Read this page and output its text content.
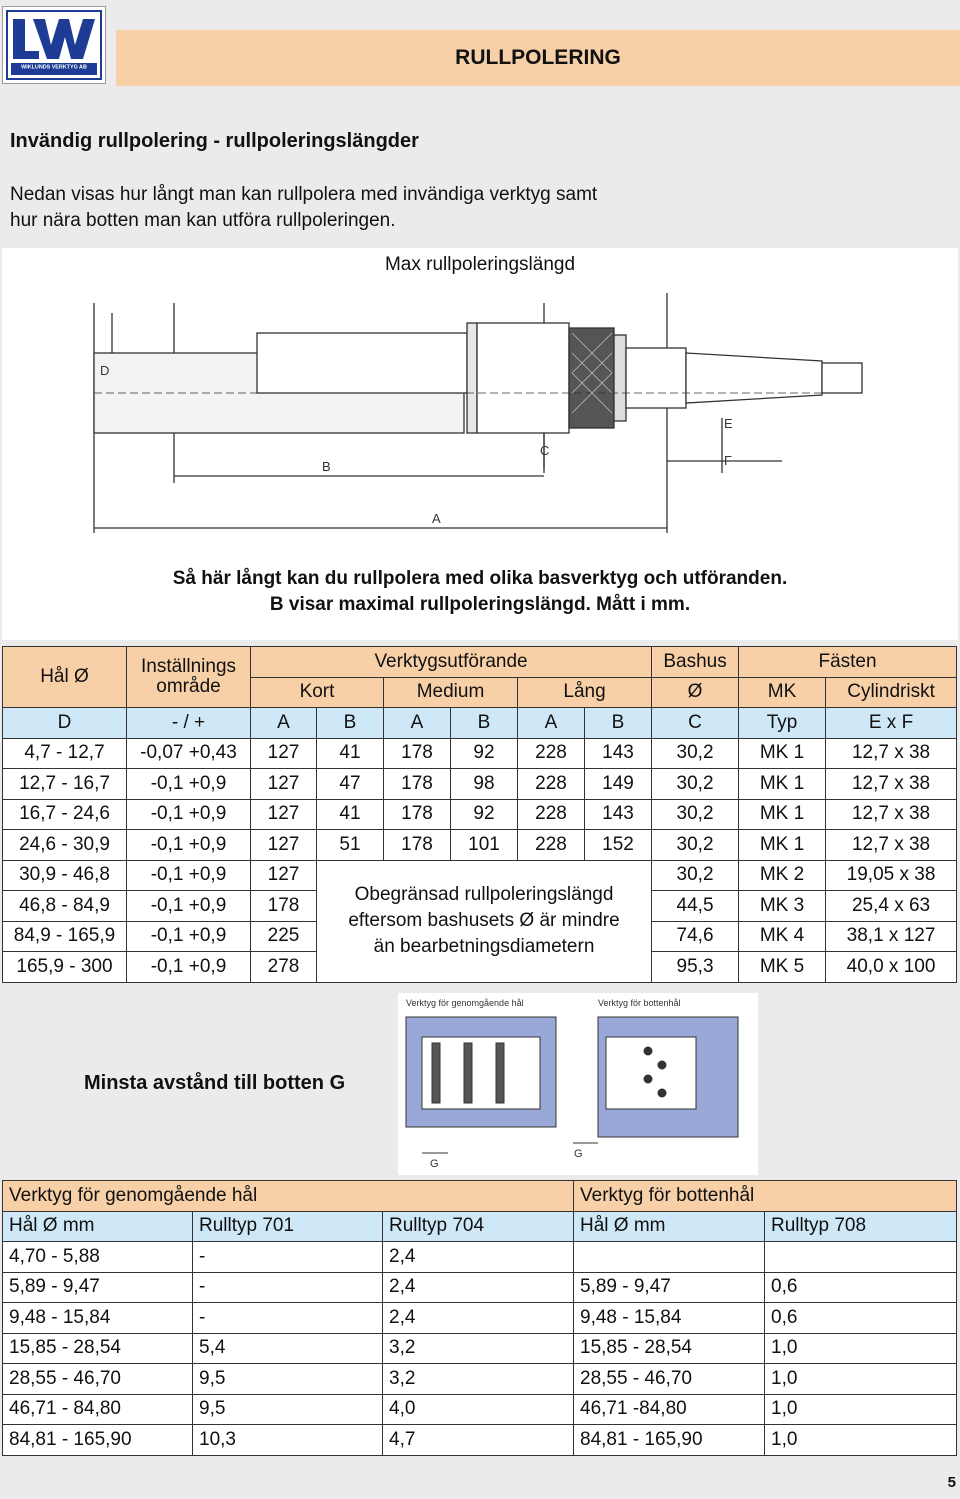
WIKLUNDS VERKTYG AB	RULLPOLERING
Invändig rullpolering - rullpoleringslängder
Nedan visas hur långt man kan rullpolera med invändiga verktyg samt
hur nära botten man kan utföra rullpoleringen.
Max rullpoleringslängd
D
B
C
E
F
A
Så här långt kan du rullpolera med olika basverktyg och utföranden.
B visar maximal rullpoleringslängd. Mått i mm.
Hål Ø	Inställnings
område	Verktygsutförande						Bashus	Fästen	
		Kort		Medium		Lång		Ø	MK	Cylindriskt
D	- / +	A	B	A	B	A	B	C	Typ	E x F
4,7 - 12,7	-0,07 +0,43	127	41	178	92	228	143	30,2	MK 1	12,7 x 38
12,7 - 16,7	-0,1 +0,9	127	47	178	98	228	149	30,2	MK 1	12,7 x 38
16,7 - 24,6	-0,1 +0,9	127	41	178	92	228	143	30,2	MK 1	12,7 x 38
24,6 - 30,9	-0,1 +0,9	127	51	178	101	228	152	30,2	MK 1	12,7 x 38
30,9 - 46,8	-0,1 +0,9	127	Obegränsad rullpoleringslängd
eftersom bashusets Ø är mindre
än bearbetningsdiametern					30,2	MK 2	19,05 x 38
46,8 - 84,9	-0,1 +0,9	178						44,5	MK 3	25,4 x 63
84,9 - 165,9	-0,1 +0,9	225						74,6	MK 4	38,1 x 127
165,9 - 300	-0,1 +0,9	278						95,3	MK 5	40,0 x 100
Minsta avstånd till botten G
Verktyg för genomgående hål	Verktyg för bottenhål
G
G
Verktyg för genomgående hål			Verktyg för bottenhål	
Hål Ø mm	Rulltyp 701	Rulltyp 704	Hål Ø mm	Rulltyp 708
4,70 - 5,88	-	2,4		
5,89 - 9,47	-	2,4	5,89 - 9,47	0,6
9,48 - 15,84	-	2,4	9,48 - 15,84	0,6
15,85 - 28,54	5,4	3,2	15,85 - 28,54	1,0
28,55 - 46,70	9,5	3,2	28,55 - 46,70	1,0
46,71 - 84,80	9,5	4,0	46,71 -84,80	1,0
84,81 - 165,90	10,3	4,7	84,81 - 165,90	1,0
5
